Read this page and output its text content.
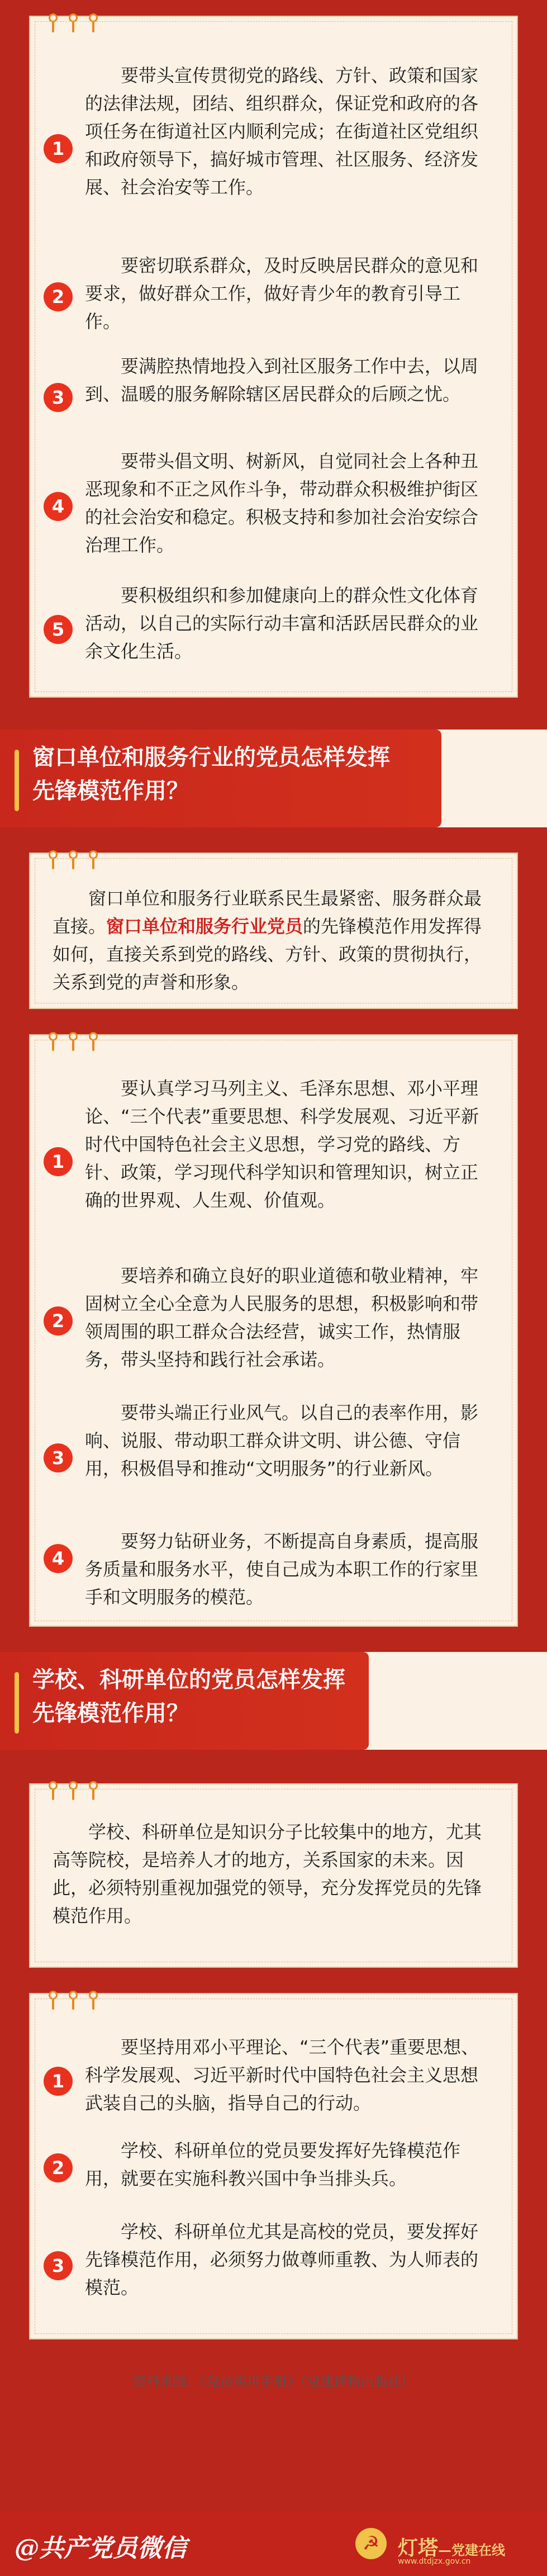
1
要带头宣传贯彻党的路线、方针、政策和国家的法律法规，团结、组织群众，保证党和政府的各项任务在街道社区内顺利完成；在街道社区党组织和政府领导下，搞好城市管理、社区服务、经济发展、社会治安等工作。
2
要密切联系群众，及时反映居民群众的意见和要求，做好群众工作，做好青少年的教育引导工作。
3
要满腔热情地投入到社区服务工作中去，以周到、温暖的服务解除辖区居民群众的后顾之忧。
4
要带头倡文明、树新风，自觉同社会上各种丑恶现象和不正之风作斗争，带动群众积极维护街区的社会治安和稳定。积极支持和参加社会治安综合治理工作。
5
要积极组织和参加健康向上的群众性文化体育活动，以自己的实际行动丰富和活跃居民群众的业余文化生活。
窗口单位和服务行业的党员怎样发挥
先锋模范作用？
窗口单位和服务行业联系民生最紧密、服务群众最直接。窗口单位和服务行业党员的先锋模范作用发挥得如何，直接关系到党的路线、方针、政策的贯彻执行，关系到党的声誉和形象。
1
要认真学习马列主义、毛泽东思想、邓小平理论、“三个代表”重要思想、科学发展观、习近平新时代中国特色社会主义思想，学习党的路线、方针、政策，学习现代科学知识和管理知识，树立正确的世界观、人生观、价值观。
2
要培养和确立良好的职业道德和敬业精神，牢固树立全心全意为人民服务的思想，积极影响和带领周围的职工群众合法经营，诚实工作，热情服务，带头坚持和践行社会承诺。
3
要带头端正行业风气。以自己的表率作用，影响、说服、带动职工群众讲文明、讲公德、守信用，积极倡导和推动“文明服务”的行业新风。
4
要努力钻研业务，不断提高自身素质，提高服务质量和服务水平，使自己成为本职工作的行家里手和文明服务的模范。
学校、科研单位的党员怎样发挥
先锋模范作用？
学校、科研单位是知识分子比较集中的地方，尤其高等院校，是培养人才的地方，关系国家的未来。因此，必须特别重视加强党的领导，充分发挥党员的先锋模范作用。
1
要坚持用邓小平理论、“三个代表”重要思想、科学发展观、习近平新时代中国特色社会主义思想武装自己的头脑，指导自己的行动。
2
学校、科研单位的党员要发挥好先锋模范作用，就要在实施科教兴国中争当排头兵。
3
学校、科研单位尤其是高校的党员，要发挥好先锋模范作用，必须努力做尊师重教、为人师表的模范。
资料来源：《党员实用手册》（党建读物出版社）
@共产党员微信	☭ 灯塔—党建在线
www.dtdjzx.gov.cn
